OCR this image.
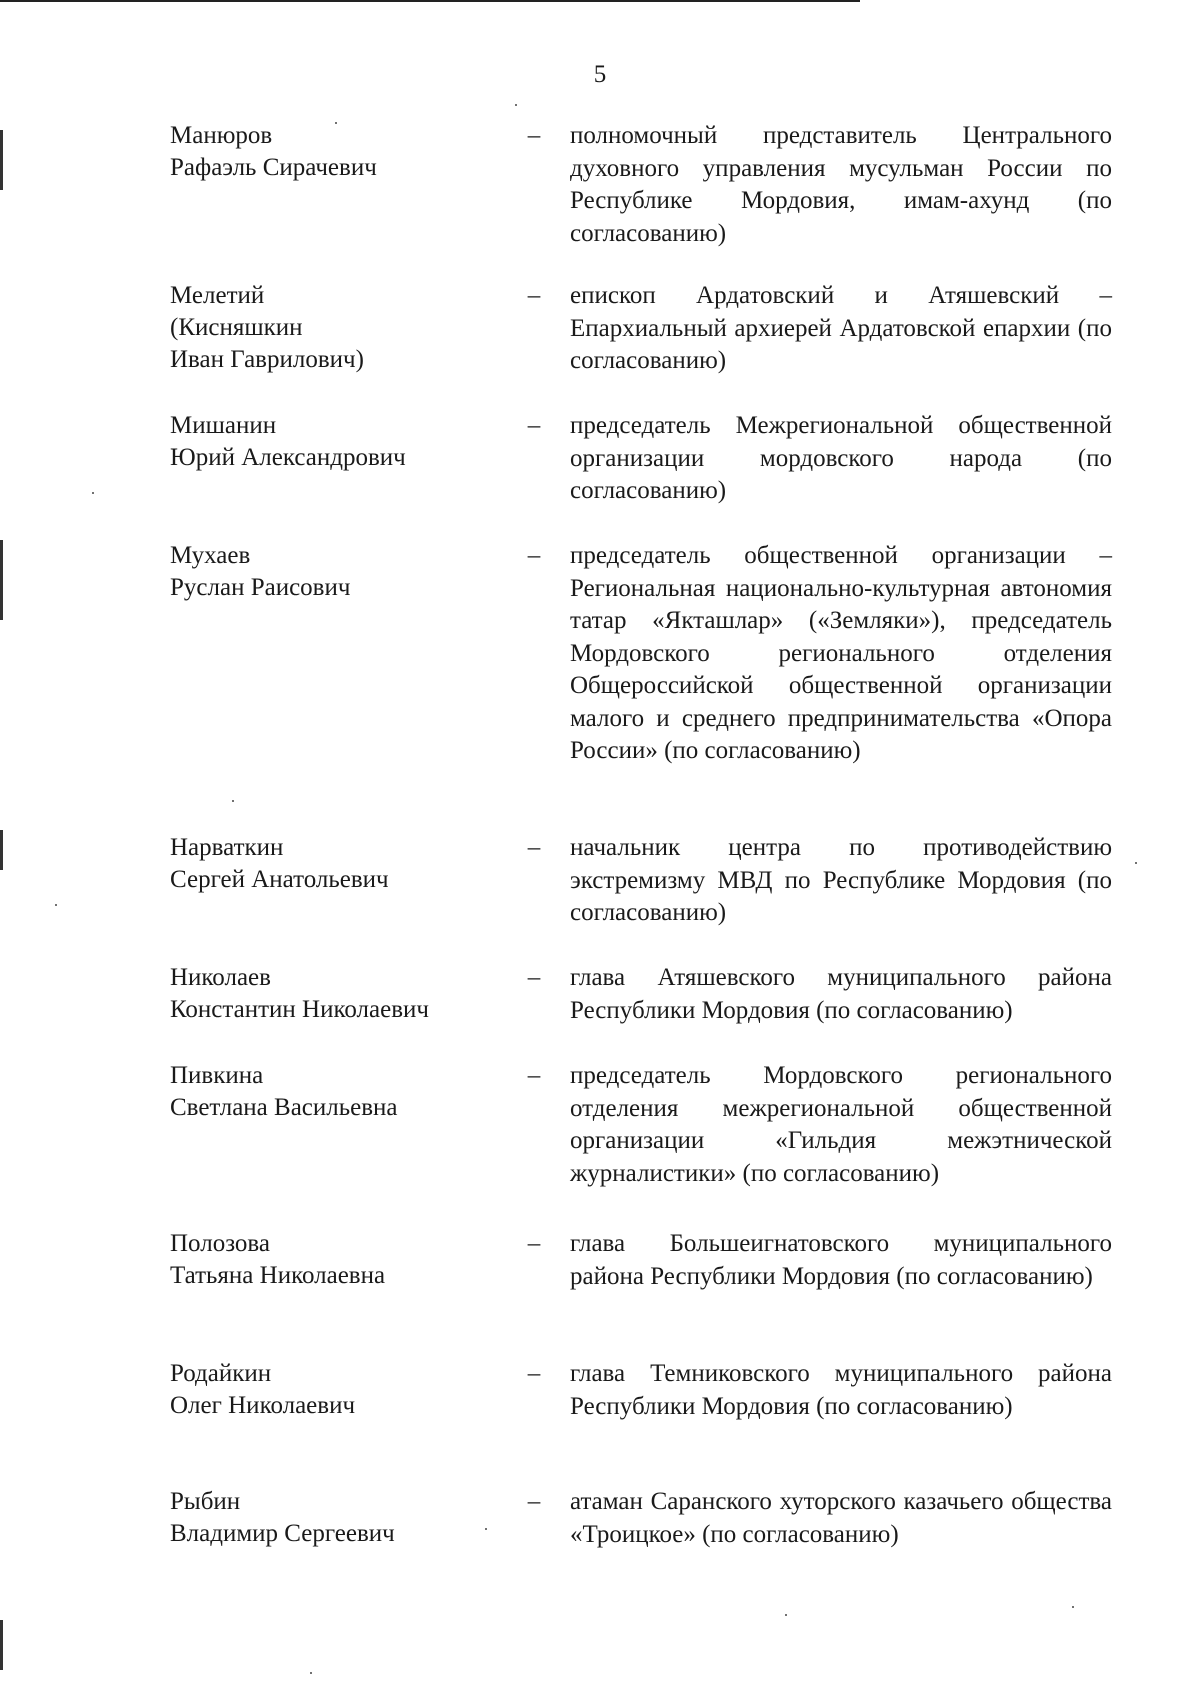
5
Манюров
Рафаэль Сирачевич
– полномочный представитель Центрального духовного управления мусульман России по Республике Мордовия, имам-ахунд (по согласованию)
Мелетий
(Кисняшкин
Иван Гаврилович)
– епископ Ардатовский и Атяшевский – Епархиальный архиерей Ардатовской епархии (по согласованию)
Мишанин
Юрий Александрович
– председатель Межрегиональной общественной организации мордовского народа (по согласованию)
Мухаев
Руслан Раисович
– председатель общественной организации – Региональная национально-культурная автономия татар «Якташлар» («Земляки»), председатель Мордовского регионального отделения Общероссийской общественной организации малого и среднего предпринимательства «Опора России» (по согласованию)
Нарваткин
Сергей Анатольевич
– начальник центра по противодействию экстремизму МВД по Республике Мордовия (по согласованию)
Николаев
Константин Николаевич
– глава Атяшевского муниципального района Республики Мордовия (по согласованию)
Пивкина
Светлана Васильевна
– председатель Мордовского регионального отделения межрегиональной общественной организации «Гильдия межэтнической журналистики» (по согласованию)
Полозова
Татьяна Николаевна
– глава Большеигнатовского муниципального района Республики Мордовия (по согласованию)
Родайкин
Олег Николаевич
– глава Темниковского муниципального района Республики Мордовия (по согласованию)
Рыбин
Владимир Сергеевич
– атаман Саранского хуторского казачьего общества «Троицкое» (по согласованию)
